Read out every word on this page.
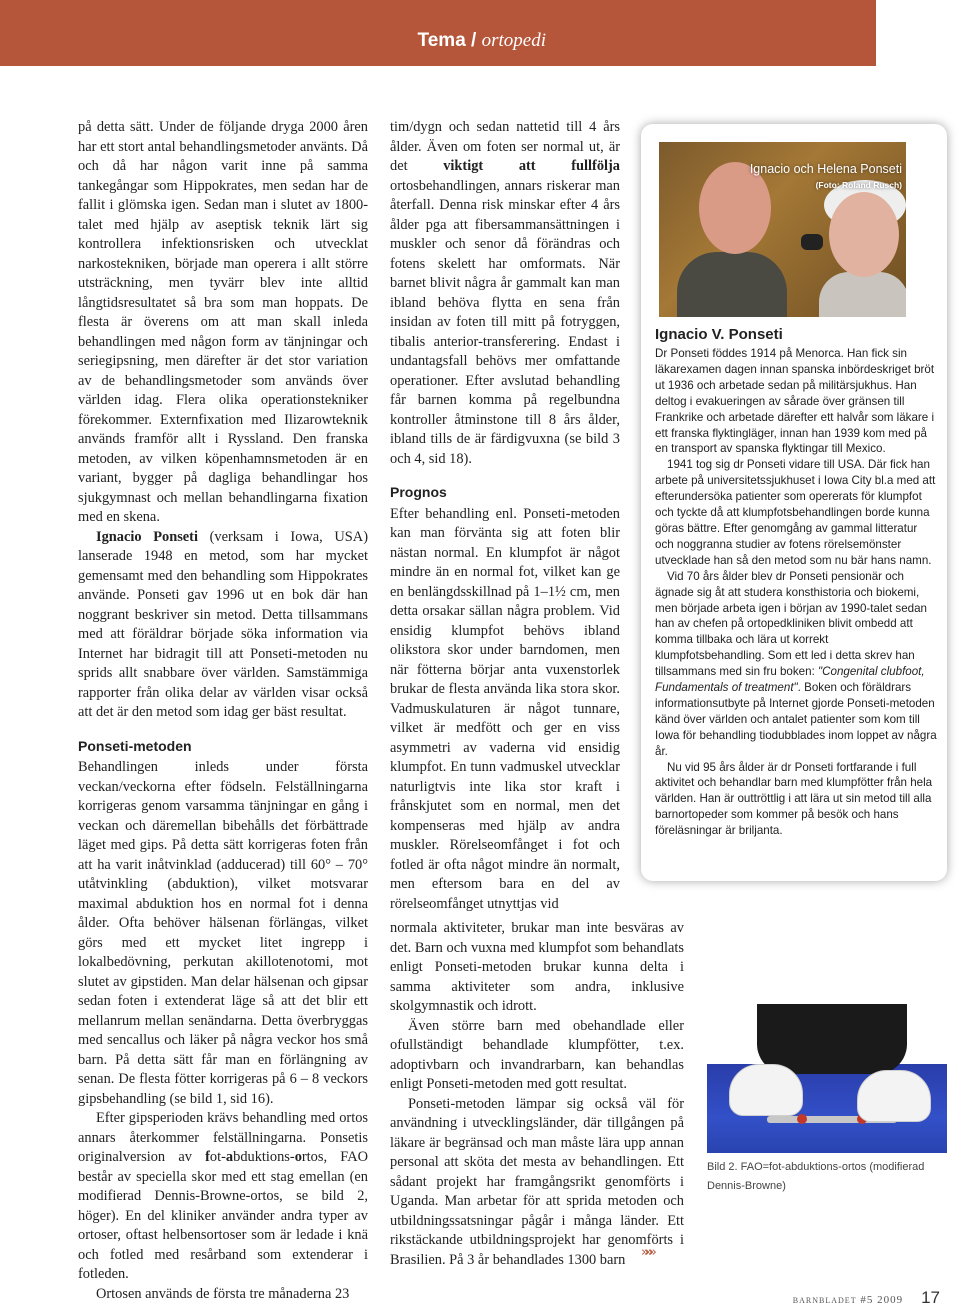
Tema / ortopedi

på detta sätt. Under de följande dryga 2000 åren har ett stort antal behandlingsmetoder använts. Då och då har någon varit inne på samma tankegångar som Hippokrates, men sedan har de fallit i glömska igen. Sedan man i slutet av 1800-talet med hjälp av aseptisk teknik lärt sig kontrollera infektionsrisken och utvecklat narkostekniken, började man operera i allt större utsträckning, men tyvärr blev inte alltid långtidsresultatet så bra som man hoppats. De flesta är överens om att man skall inleda behandlingen med någon form av tänjningar och seriegipsning, men därefter är det stor variation av de behandlingsmetoder som används över världen idag. Flera olika operationstekniker förekommer. Externfixation med Ilizarowteknik används framför allt i Ryssland. Den franska metoden, av vilken köpenhamnsmetoden är en variant, bygger på dagliga behandlingar hos sjukgymnast och mellan behandlingarna fixation med en skena.

Ignacio Ponseti (verksam i Iowa, USA) lanserade 1948 en metod, som har mycket gemensamt med den behandling som Hippokrates använde. Ponseti gav 1996 ut en bok där han noggrant beskriver sin metod. Detta tillsammans med att föräldrar började söka information via Internet har bidragit till att Ponseti-metoden nu sprids allt snabbare över världen. Samstämmiga rapporter från olika delar av världen visar också att det är den metod som idag ger bäst resultat.

Ponseti-metoden

Behandlingen inleds under första veckan/veckorna efter födseln. Felställningarna korrigeras genom varsamma tänjningar en gång i veckan och däremellan bibehålls det förbättrade läget med gips. På detta sätt korrigeras foten från att ha varit inåtvinklad (adducerad) till 60° – 70° utåtvinkling (abduktion), vilket motsvarar maximal abduktion hos en normal fot i denna ålder. Ofta behöver hälsenan förlängas, vilket görs med ett mycket litet ingrepp i lokalbedövning, perkutan akillotenotomi, mot slutet av gipstiden. Man delar hälsenan och gipsar sedan foten i extenderat läge så att det blir ett mellanrum mellan senändarna. Detta överbryggas med sencallus och läker på några veckor hos små barn. På detta sätt får man en förlängning av senan. De flesta fötter korrigeras på 6 – 8 veckors gipsbehandling (se bild 1, sid 16).

Efter gipsperioden krävs behandling med ortos annars återkommer felställningarna. Ponsetis originalversion av fot-abduktions-ortos, FAO består av speciella skor med ett stag emellan (en modifierad Dennis-Browne-ortos, se bild 2, höger). En del kliniker använder andra typer av ortoser, oftast helbensortoser som är ledade i knä och fotled med resårband som extenderar i fotleden.

Ortosen används de första tre månaderna 23

tim/dygn och sedan nattetid till 4 års ålder. Även om foten ser normal ut, är det viktigt att fullfölja ortosbehandlingen, annars riskerar man återfall. Denna risk minskar efter 4 års ålder pga att fibersammansättningen i muskler och senor då förändras och fotens skelett har omformats. När barnet blivit några år gammalt kan man ibland behöva flytta en sena från insidan av foten till mitt på fotryggen, tibalis anterior-transferering. Endast i undantagsfall behövs mer omfattande operationer. Efter avslutad behandling får barnen komma på regelbundna kontroller åtminstone till 8 års ålder, ibland tills de är färdigvuxna (se bild 3 och 4, sid 18).

Prognos

Efter behandling enl. Ponseti-metoden kan man förvänta sig att foten blir nästan normal. En klumpfot är något mindre än en normal fot, vilket kan ge en benlängdsskillnad på 1–1½ cm, men detta orsakar sällan några problem. Vid ensidig klumpfot behövs ibland olikstora skor under barndomen, men när fötterna börjar anta vuxenstorlek brukar de flesta använda lika stora skor. Vadmuskulaturen är något tunnare, vilket är medfött och ger en viss asymmetri av vaderna vid ensidig klumpfot. En tunn vadmuskel utvecklar naturligtvis inte lika stor kraft i frånskjutet som en normal, men det kompenseras med hjälp av andra muskler. Rörelseomfånget i fot och fotled är ofta något mindre än normalt, men eftersom bara en del av rörelseomfånget utnyttjas vid

normala aktiviteter, brukar man inte besväras av det. Barn och vuxna med klumpfot som behandlats enligt Ponseti-metoden brukar kunna delta i samma aktiviteter som andra, inklusive skolgymnastik och idrott.

Även större barn med obehandlade eller ofullständigt behandlade klumpfötter, t.ex. adoptivbarn och invandrarbarn, kan behandlas enligt Ponseti-metoden med gott resultat.

Ponseti-metoden lämpar sig också väl för användning i utvecklingsländer, där tillgången på läkare är begränsad och man måste lära upp annan personal att sköta det mesta av behandlingen. Ett sådant projekt har framgångsrikt genomförts i Uganda. Man arbetar för att sprida metoden och utbildningssatsningar pågår i många länder. Ett rikstäckande utbildningsprojekt har genomförts i Brasilien. På 3 år behandlades 1300 barn

Ignacio och Helena Ponseti
(Foto: Roland Rusch)
Ignacio V. Ponseti

Dr Ponseti föddes 1914 på Menorca. Han fick sin läkarexamen dagen innan spanska inbördeskriget bröt ut 1936 och arbetade sedan på militärsjukhus. Han deltog i evakueringen av sårade över gränsen till Frankrike och arbetade därefter ett halvår som läkare i ett franska flyktingläger, innan han 1939 kom med på en transport av spanska flyktingar till Mexico.

1941 tog sig dr Ponseti vidare till USA. Där fick han arbete på universitetssjukhuset i Iowa City bl.a med att efterundersöka patienter som opererats för klumpfot och tyckte då att klumpfotsbehandlingen borde kunna göras bättre. Efter genomgång av gammal litteratur och noggranna studier av fotens rörelsemönster utvecklade han så den metod som nu bär hans namn.

Vid 70 års ålder blev dr Ponseti pensionär och ägnade sig åt att studera konsthistoria och biokemi, men började arbeta igen i början av 1990-talet sedan han av chefen på ortopedkliniken blivit ombedd att komma tillbaka och lära ut korrekt klumpfotsbehandling. Som ett led i detta skrev han tillsammans med sin fru boken: "Congenital clubfoot, Fundamentals of treatment". Boken och föräldrars informationsutbyte på Internet gjorde Ponseti-metoden känd över världen och antalet patienter som kom till Iowa för behandling tiodubblades inom loppet av några år.

Nu vid 95 års ålder är dr Ponseti fortfarande i full aktivitet och behandlar barn med klumpfötter från hela världen. Han är outtröttlig i att lära ut sin metod till alla barnortopeder som kommer på besök och hans föreläsningar är briljanta.

Bild 2. FAO=fot-abduktions-ortos (modifierad Dennis-Browne)
»»»
barnbladet #5 2009 17
